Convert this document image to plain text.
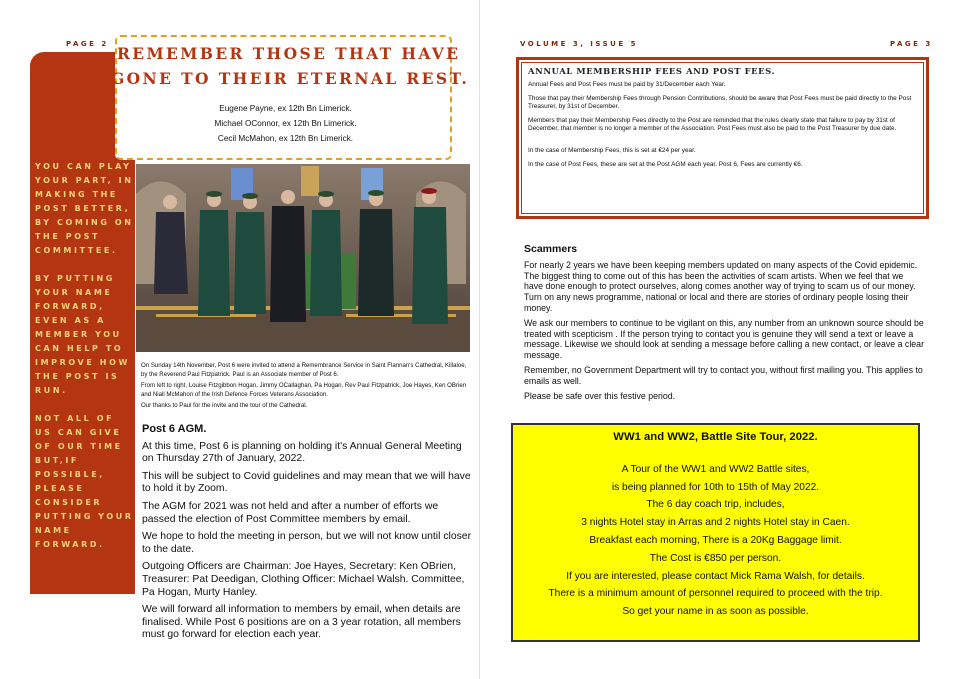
PAGE 2

YOU CAN PLAY YOUR PART, IN MAKING THE POST BETTER, BY COMING ON THE POST COMMITTEE.

BY PUTTING YOUR NAME FORWARD, EVEN AS A MEMBER YOU CAN HELP TO IMPROVE HOW THE POST IS RUN.

NOT ALL OF US CAN GIVE OF OUR TIME BUT,IF POSSIBLE, PLEASE CONSIDER PUTTING YOUR NAME FORWARD.

REMEMBER THOSE THAT HAVE
GONE TO THEIR ETERNAL REST.
Eugene Payne, ex 12th Bn Limerick.
Michael OConnor, ex 12th Bn Limerick.
Cecil McMahon, ex 12th Bn Limerick.

On Sunday 14th November, Post 6 were invited to attend a Remembrance Service in Saint Flannan's Cathedral, Killaloe, by the Reverend Paul Fitzpatrick. Paul is an Associate member of Post 6.

From left to right, Louise Fitzgibbon Hogan, Jimmy OCallaghan, Pa Hogan, Rev Paul Fitzpatrick, Joe Hayes, Ken OBrien and Niall McMahon of the Irish Defence Forces Veterans Association.

Our thanks to Paul for the invite and the tour of the Cathedral.

Post 6 AGM.

At this time, Post 6 is planning on holding it's Annual General Meeting on Thursday 27th of January, 2022.

This will be subject to Covid guidelines and may mean that we will have to hold it by Zoom.

The AGM for 2021 was not held and after a number of efforts we passed the election of Post Committee members by email.

We hope to hold the meeting in person, but we will not know until closer to the date.

Outgoing Officers are Chairman: Joe Hayes, Secretary: Ken OBrien, Treasurer: Pat Deedigan, Clothing Officer: Michael Walsh. Committee, Pa Hogan, Murty Hanley.

We will forward all information to members by email, when details are finalised. While Post 6 positions are on a 3 year rotation, all members must go forward for election each year.

VOLUME 3, ISSUE 5	PAGE 3
ANNUAL MEMBERSHIP FEES AND POST FEES.

Annual Fees and Post Fees must be paid by 31/December each Year.

Those that pay their Membership Fees through Pension Contributions, should be aware that Post Fees must be paid directly to the Post Treasurer, by 31st of December.

Members that pay their Membership Fees directly to the Post are reminded that the rules clearly state that failure to pay by 31st of December, that member is no longer a member of the Association. Post Fees must also be paid to the Post Treasurer by due date.

In the case of Membership Fees, this is set at €24 per year.

In the case of Post Fees, these are set at the Post AGM each year. Post 6, Fees are currently €6.

Scammers

For nearly 2 years we have been keeping members updated on many aspects of the Covid epidemic. The biggest thing to come out of this has been the activities of scam artists. When we feel that we have done enough to protect ourselves, along comes another way of trying to scam us of our money. Turn on any news programme, national or local and there are stories of ordinary people losing their money.

We ask our members to continue to be vigilant on this, any number from an unknown source should be treated with scepticism . If the person trying to contact you is genuine they will send a text or leave a message. Likewise we should look at sending a message before calling a new contact, or leave a clear message.

Remember, no Government Department will try to contact you, without first mailing you. This applies to emails as well.

Please be safe over this festive period.

WW1 and WW2, Battle Site Tour, 2022.
A Tour of the WW1 and WW2 Battle sites,
is being planned for 10th to 15th of May 2022.
The 6 day coach trip, includes,
3 nights Hotel stay in Arras and 2 nights Hotel stay in Caen.
Breakfast each morning, There is a 20Kg Baggage limit.
The Cost is €850 per person.
If you are interested, please contact Mick Rama Walsh, for details.
There is a minimum amount of personnel required to proceed with the trip.
So get your name in as soon as possible.
